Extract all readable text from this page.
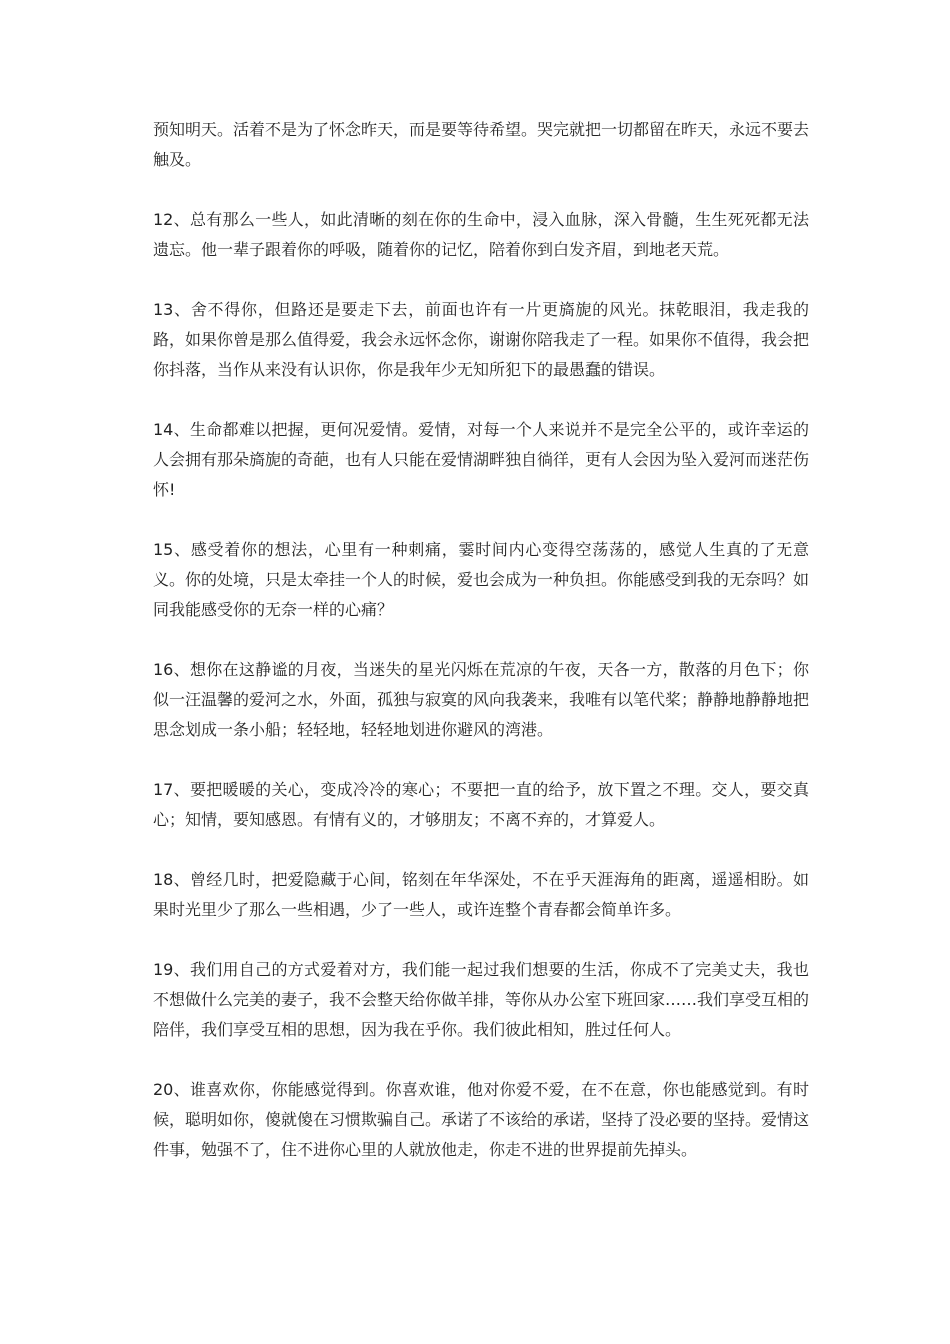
预知明天。活着不是为了怀念昨天，而是要等待希望。哭完就把一切都留在昨天，永远不要去触及。

12、总有那么一些人，如此清晰的刻在你的生命中，浸入血脉，深入骨髓，生生死死都无法遗忘。他一辈子跟着你的呼吸，随着你的记忆，陪着你到白发齐眉，到地老天荒。

13、舍不得你，但路还是要走下去，前面也许有一片更旖旎的风光。抹乾眼泪，我走我的路，如果你曾是那么值得爱，我会永远怀念你，谢谢你陪我走了一程。如果你不值得，我会把你抖落，当作从来没有认识你，你是我年少无知所犯下的最愚蠢的错误。

14、生命都难以把握，更何况爱情。爱情，对每一个人来说并不是完全公平的，或许幸运的人会拥有那朵旖旎的奇葩，也有人只能在爱情湖畔独自徜徉，更有人会因为坠入爱河而迷茫伤怀!

15、感受着你的想法，心里有一种刺痛，霎时间内心变得空荡荡的，感觉人生真的了无意义。你的处境，只是太牵挂一个人的时候，爱也会成为一种负担。你能感受到我的无奈吗？如同我能感受你的无奈一样的心痛？

16、想你在这静谧的月夜，当迷失的星光闪烁在荒凉的午夜，天各一方，散落的月色下；你似一汪温馨的爱河之水，外面，孤独与寂寞的风向我袭来，我唯有以笔代桨；静静地静静地把思念划成一条小船；轻轻地，轻轻地划进你避风的湾港。

17、要把暖暖的关心，变成冷冷的寒心；不要把一直的给予，放下置之不理。交人，要交真心；知情，要知感恩。有情有义的，才够朋友；不离不弃的，才算爱人。

18、曾经几时，把爱隐藏于心间，铭刻在年华深处，不在乎天涯海角的距离，遥遥相盼。如果时光里少了那么一些相遇，少了一些人，或许连整个青春都会简单许多。

19、我们用自己的方式爱着对方，我们能一起过我们想要的生活，你成不了完美丈夫，我也不想做什么完美的妻子，我不会整天给你做羊排，等你从办公室下班回家……我们享受互相的陪伴，我们享受互相的思想，因为我在乎你。我们彼此相知，胜过任何人。

20、谁喜欢你，你能感觉得到。你喜欢谁，他对你爱不爱，在不在意，你也能感觉到。有时候，聪明如你，傻就傻在习惯欺骗自己。承诺了不该给的承诺，坚持了没必要的坚持。爱情这件事，勉强不了，住不进你心里的人就放他走，你走不进的世界提前先掉头。
